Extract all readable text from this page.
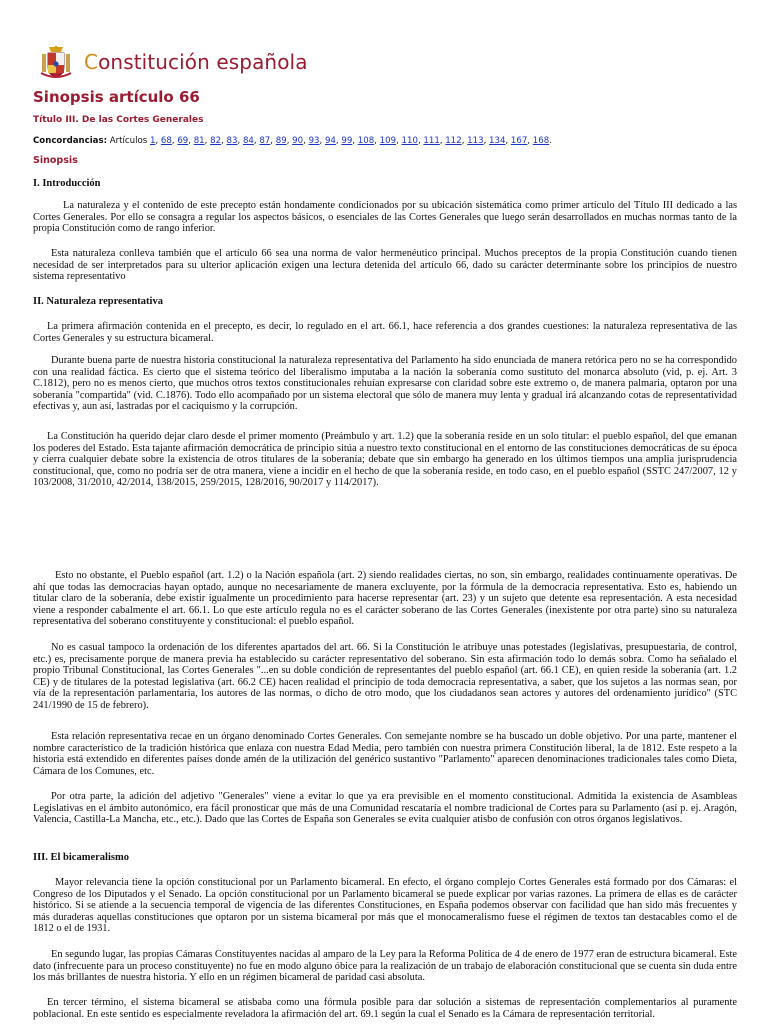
Constitución española
Sinopsis artículo 66
Título III. De las Cortes Generales
Concordancias: Artículos 1, 68, 69, 81, 82, 83, 84, 87, 89, 90, 93, 94, 99, 108, 109, 110, 111, 112, 113, 134, 167, 168.
Sinopsis
I. Introducción

La naturaleza y el contenido de este precepto están hondamente condicionados por su ubicación sistemática como primer artículo del Título III dedicado a las Cortes Generales. Por ello se consagra a regular los aspectos básicos, o esenciales de las Cortes Generales que luego serán desarrollados en muchas normas tanto de la propia Constitución como de rango inferior.

Esta naturaleza conlleva también que el artículo 66 sea una norma de valor hermenéutico principal. Muchos preceptos de la propia Constitución cuando tienen necesidad de ser interpretados para su ulterior aplicación exigen una lectura detenida del artículo 66, dado su carácter determinante sobre los principios de nuestro sistema representativo

II. Naturaleza representativa

La primera afirmación contenida en el precepto, es decir, lo regulado en el art. 66.1, hace referencia a dos grandes cuestiones: la naturaleza representativa de las Cortes Generales y su estructura bicameral.

Durante buena parte de nuestra historia constitucional la naturaleza representativa del Parlamento ha sido enunciada de manera retórica pero no se ha correspondido con una realidad fáctica. Es cierto que el sistema teórico del liberalismo imputaba a la nación la soberanía como sustituto del monarca absoluto (vid, p. ej. Art. 3 C.1812), pero no es menos cierto, que muchos otros textos constitucionales rehuían expresarse con claridad sobre este extremo o, de manera palmaria, optaron por una soberanía "compartida" (vid. C.1876). Todo ello acompañado por un sistema electoral que sólo de manera muy lenta y gradual irá alcanzando cotas de representatividad efectivas y, aun así, lastradas por el caciquismo y la corrupción.

La Constitución ha querido dejar claro desde el primer momento (Preámbulo y art. 1.2) que la soberanía reside en un solo titular: el pueblo español, del que emanan los poderes del Estado. Esta tajante afirmación democrática de principio sitúa a nuestro texto constitucional en el entorno de las constituciones democráticas de su época y cierra cualquier debate sobre la existencia de otros titulares de la soberanía; debate que sin embargo ha generado en los últimos tiempos una amplia jurisprudencia constitucional, que, como no podría ser de otra manera, viene a incidir en el hecho de que la soberanía reside, en todo caso, en el pueblo español (SSTC 247/2007, 12 y 103/2008, 31/2010, 42/2014, 138/2015, 259/2015, 128/2016, 90/2017 y 114/2017).

Esto no obstante, el Pueblo español (art. 1.2) o la Nación española (art. 2) siendo realidades ciertas, no son, sin embargo, realidades continuamente operativas. De ahí que todas las democracias hayan optado, aunque no necesariamente de manera excluyente, por la fórmula de la democracia representativa. Esto es, habiendo un titular claro de la soberanía, debe existir igualmente un procedimiento para hacerse representar (art. 23) y un sujeto que detente esa representación. A esta necesidad viene a responder cabalmente el art. 66.1. Lo que este artículo regula no es el carácter soberano de las Cortes Generales (inexistente por otra parte) sino su naturaleza representativa del soberano constituyente y constitucional: el pueblo español.

No es casual tampoco la ordenación de los diferentes apartados del art. 66. Si la Constitución le atribuye unas potestades (legislativas, presupuestaria, de control, etc.) es, precisamente porque de manera previa ha establecido su carácter representativo del soberano. Sin esta afirmación todo lo demás sobra. Como ha señalado el propio Tribunal Constitucional, las Cortes Generales "...en su doble condición de representantes del pueblo español (art. 66.1 CE), en quien reside la soberanía (art. 1.2 CE) y de titulares de la potestad legislativa (art. 66.2 CE) hacen realidad el principio de toda democracia representativa, a saber, que los sujetos a las normas sean, por vía de la representación parlamentaria, los autores de las normas, o dicho de otro modo, que los ciudadanos sean actores y autores del ordenamiento jurídico" (STC 241/1990 de 15 de febrero).

Esta relación representativa recae en un órgano denominado Cortes Generales. Con semejante nombre se ha buscado un doble objetivo. Por una parte, mantener el nombre característico de la tradición histórica que enlaza con nuestra Edad Media, pero también con nuestra primera Constitución liberal, la de 1812. Este respeto a la historia está extendido en diferentes países donde amén de la utilización del genérico sustantivo "Parlamento" aparecen denominaciones tradicionales tales como Dieta, Cámara de los Comunes, etc.

Por otra parte, la adición del adjetivo "Generales" viene a evitar lo que ya era previsible en el momento constitucional. Admitida la existencia de Asambleas Legislativas en el ámbito autonómico, era fácil pronosticar que más de una Comunidad rescataría el nombre tradicional de Cortes para su Parlamento (así p. ej. Aragón, Valencia, Castilla-La Mancha, etc., etc.). Dado que las Cortes de España son Generales se evita cualquier atisbo de confusión con otros órganos legislativos.

III. El bicameralismo

Mayor relevancia tiene la opción constitucional por un Parlamento bicameral. En efecto, el órgano complejo Cortes Generales está formado por dos Cámaras: el Congreso de los Diputados y el Senado. La opción constitucional por un Parlamento bicameral se puede explicar por varias razones. La primera de ellas es de carácter histórico. Si se atiende a la secuencia temporal de vigencia de las diferentes Constituciones, en España podemos observar con facilidad que han sido más frecuentes y más duraderas aquellas constituciones que optaron por un sistema bicameral por más que el monocameralismo fuese el régimen de textos tan destacables como el de 1812 o el de 1931.

En segundo lugar, las propias Cámaras Constituyentes nacidas al amparo de la Ley para la Reforma Política de 4 de enero de 1977 eran de estructura bicameral. Este dato (infrecuente para un proceso constituyente) no fue en modo alguno óbice para la realización de un trabajo de elaboración constitucional que se cuenta sin duda entre los más brillantes de nuestra historia. Y ello en un régimen bicameral de paridad casi absoluta.

En tercer término, el sistema bicameral se atisbaba como una fórmula posible para dar solución a sistemas de representación complementarios al puramente poblacional. En este sentido es especialmente reveladora la afirmación del art. 69.1 según la cual el Senado es la Cámara de representación territorial.
